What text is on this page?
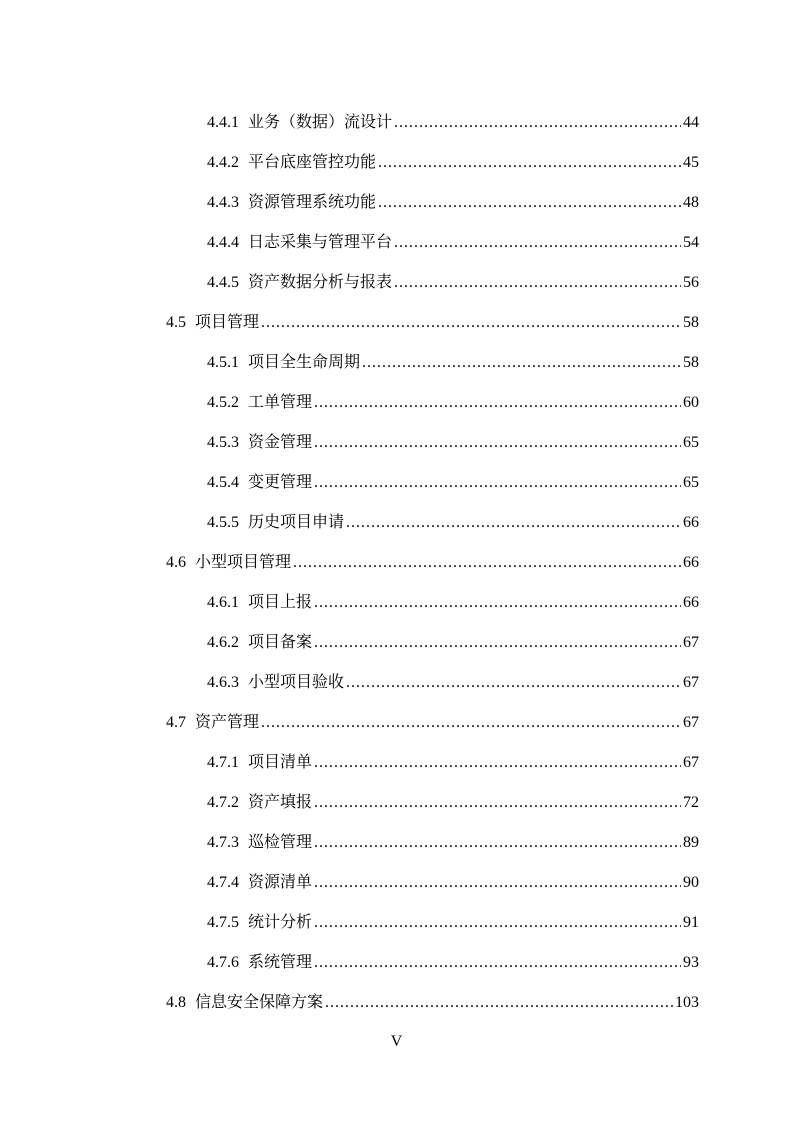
4.4.1 业务（数据）流设计 .....	44
4.4.2 平台底座管控功能 .....	45
4.4.3 资源管理系统功能 .....	48
4.4.4 日志采集与管理平台 .....	54
4.4.5 资产数据分析与报表 .....	56
4.5 项目管理 .....	58
4.5.1 项目全生命周期 .....	58
4.5.2 工单管理 .....	60
4.5.3 资金管理 .....	65
4.5.4 变更管理 .....	65
4.5.5 历史项目申请 .....	66
4.6 小型项目管理 .....	66
4.6.1 项目上报 .....	66
4.6.2 项目备案 .....	67
4.6.3 小型项目验收 .....	67
4.7 资产管理 .....	67
4.7.1 项目清单 .....	67
4.7.2 资产填报 .....	72
4.7.3 巡检管理 .....	89
4.7.4 资源清单 .....	90
4.7.5 统计分析 .....	91
4.7.6 系统管理 .....	93
4.8 信息安全保障方案 .....	103
V
